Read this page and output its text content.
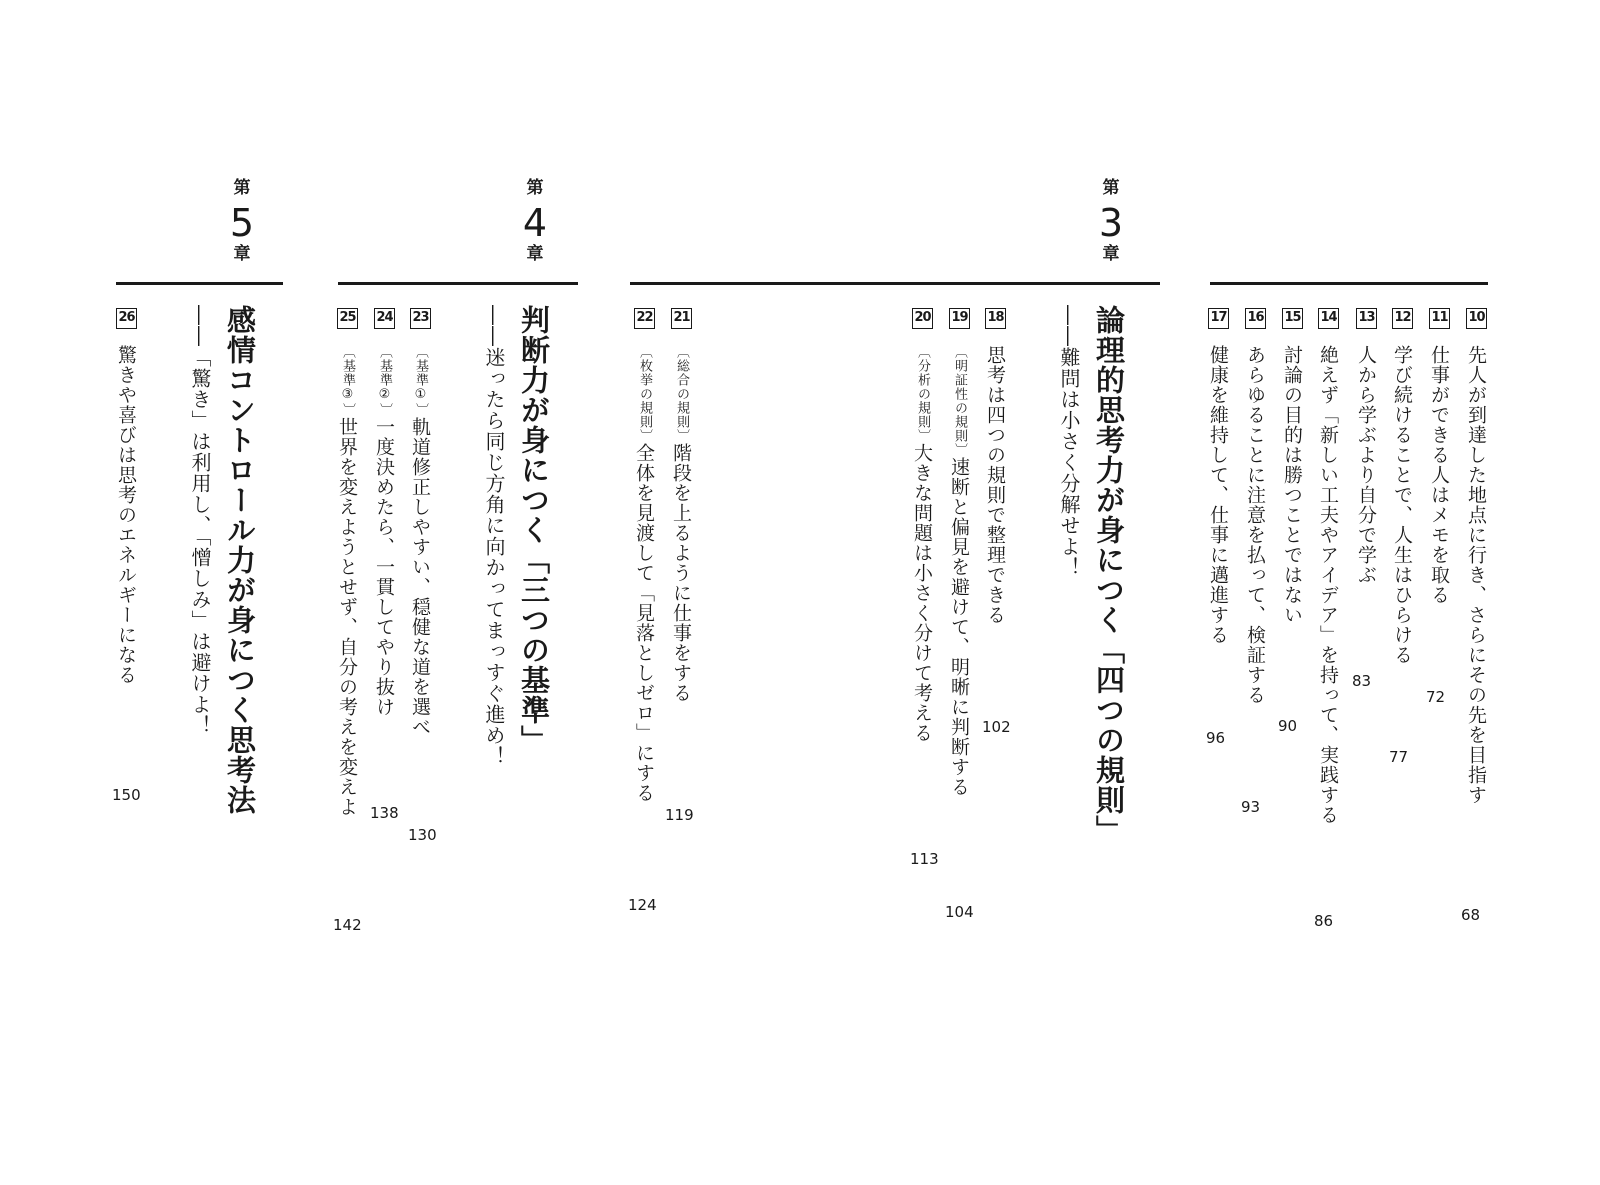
第
3
章
第
4
章
第
5
章
論理的思考力が身につく「四つの規則」
――難問は小さく分解せよ！
判断力が身につく「三つの基準」
――迷ったら同じ方角に向かってまっすぐ進め！
感情コントロール力が身につく思考法
――「驚き」は利用し、「憎しみ」は避けよ！	10
先人が到達した地点に行き、さらにその先を目指す
68
11
仕事ができる人はメモを取る
72
12
学び続けることで、人生はひらける
77
13
人から学ぶより自分で学ぶ
83
14
絶えず「新しい工夫やアイデア」を持って、実践する
86
15
討論の目的は勝つことではない
90
16
あらゆることに注意を払って、検証する
93
17
健康を維持して、仕事に邁進する
96
18
思考は四つの規則で整理できる
102
19
〔明証性の規則〕速断と偏見を避けて、明晰に判断する
104
20
〔分析の規則〕大きな問題は小さく分けて考える
113
21
〔総合の規則〕階段を上るように仕事をする
119
22
〔枚挙の規則〕全体を見渡して「見落としゼロ」にする
124
23
〔基準①〕軌道修正しやすい、穏健な道を選べ
130
24
〔基準②〕一度決めたら、一貫してやり抜け
138
25
〔基準③〕世界を変えようとせず、自分の考えを変えよ
142
26
驚きや喜びは思考のエネルギーになる
150
